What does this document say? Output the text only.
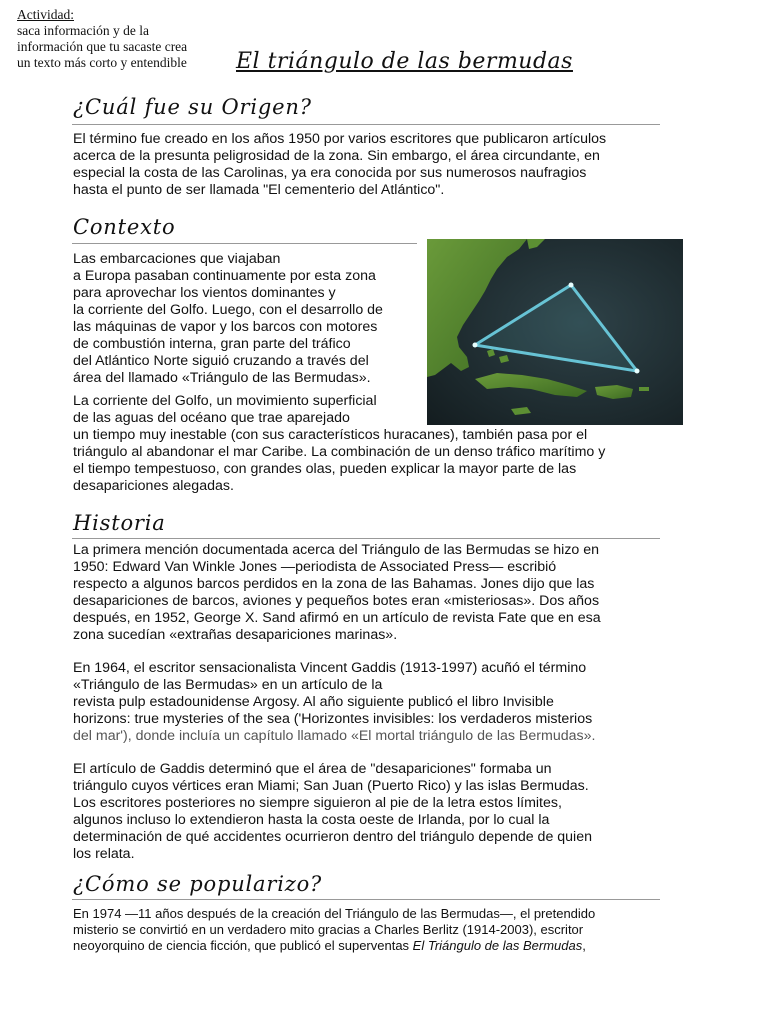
Actividad:
saca información y de la
información que tu sacaste crea
un texto más corto y entendible	El triángulo de las bermudas
¿Cuál fue su Origen?
El término fue creado en los años 1950 por varios escritores que publicaron artículos
acerca de la presunta peligrosidad de la zona. Sin embargo, el área circundante, en
especial la costa de las Carolinas, ya era conocida por sus numerosos naufragios
hasta el punto de ser llamada "El cementerio del Atlántico".
Contexto
Las embarcaciones que viajaban
a Europa pasaban continuamente por esta zona
para aprovechar los vientos dominantes y
la corriente del Golfo. Luego, con el desarrollo de
las máquinas de vapor y los barcos con motores
de combustión interna, gran parte del tráfico
del Atlántico Norte siguió cruzando a través del
área del llamado «Triángulo de las Bermudas».
La corriente del Golfo, un movimiento superficial
de las aguas del océano que trae aparejado
un tiempo muy inestable (con sus característicos huracanes), también pasa por el
triángulo al abandonar el mar Caribe. La combinación de un denso tráfico marítimo y
el tiempo tempestuoso, con grandes olas, pueden explicar la mayor parte de las
desapariciones alegadas.
Historia
La primera mención documentada acerca del Triángulo de las Bermudas se hizo en
1950: Edward Van Winkle Jones —periodista de Associated Press— escribió
respecto a algunos barcos perdidos en la zona de las Bahamas. Jones dijo que las
desapariciones de barcos, aviones y pequeños botes eran «misteriosas». Dos años
después, en 1952, George X. Sand afirmó en un artículo de revista Fate que en esa
zona sucedían «extrañas desapariciones marinas».
En 1964, el escritor sensacionalista Vincent Gaddis (1913-1997) acuñó el término
«Triángulo de las Bermudas» en un artículo de la
revista pulp estadounidense Argosy. Al año siguiente publicó el libro Invisible
horizons: true mysteries of the sea ('Horizontes invisibles: los verdaderos misterios
del mar'), donde incluía un capítulo llamado «El mortal triángulo de las Bermudas».
El artículo de Gaddis determinó que el área de "desapariciones" formaba un
triángulo cuyos vértices eran Miami; San Juan (Puerto Rico) y las islas Bermudas.
Los escritores posteriores no siempre siguieron al pie de la letra estos límites,
algunos incluso lo extendieron hasta la costa oeste de Irlanda, por lo cual la
determinación de qué accidentes ocurrieron dentro del triángulo depende de quien
los relata.
¿Cómo se popularizo?
En 1974 —11 años después de la creación del Triángulo de las Bermudas—, el pretendido
misterio se convirtió en un verdadero mito gracias a Charles Berlitz (1914-2003), escritor
neoyorquino de ciencia ficción, que publicó el superventas El Triángulo de las Bermudas,
